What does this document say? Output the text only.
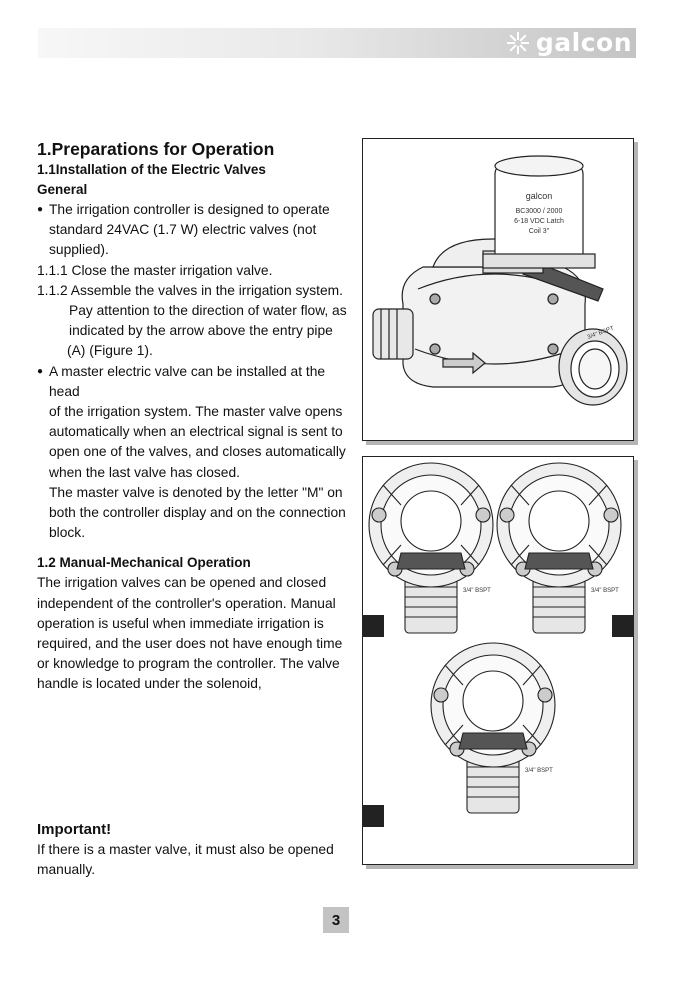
galcon
1.Preparations for Operation
1.1Installation of the Electric Valves
General
● The irrigation controller is designed to operate
standard 24VAC (1.7 W) electric valves (not
supplied).
1.1.1 Close the master irrigation valve.
1.1.2 Assemble the valves in the irrigation system.
Pay attention to the direction of water flow, as
indicated by the arrow above the entry pipe
(A) (Figure 1).
● A master electric valve can be installed at the head
of the irrigation system. The master valve opens
automatically when an electrical signal is sent to
open one of the valves, and closes automatically
when the last valve has closed.
The master valve is denoted by the letter "M" on
both the controller display and on the connection
block.
1.2 Manual-Mechanical Operation
The irrigation valves can be opened and closed
independent of the controller's operation. Manual
operation is useful when immediate irrigation is
required, and the user does not have enough time
or knowledge to program the controller. The valve
handle is located under the solenoid,
Important!
If there is a master valve, it must also be opened
manually.
galcon
BC3000 / 2000
6-18 VDC Latch
Coil 3"
3/4" BSPT
3/4" BSPT	3/4" BSPT
3/4" BSPT
3
